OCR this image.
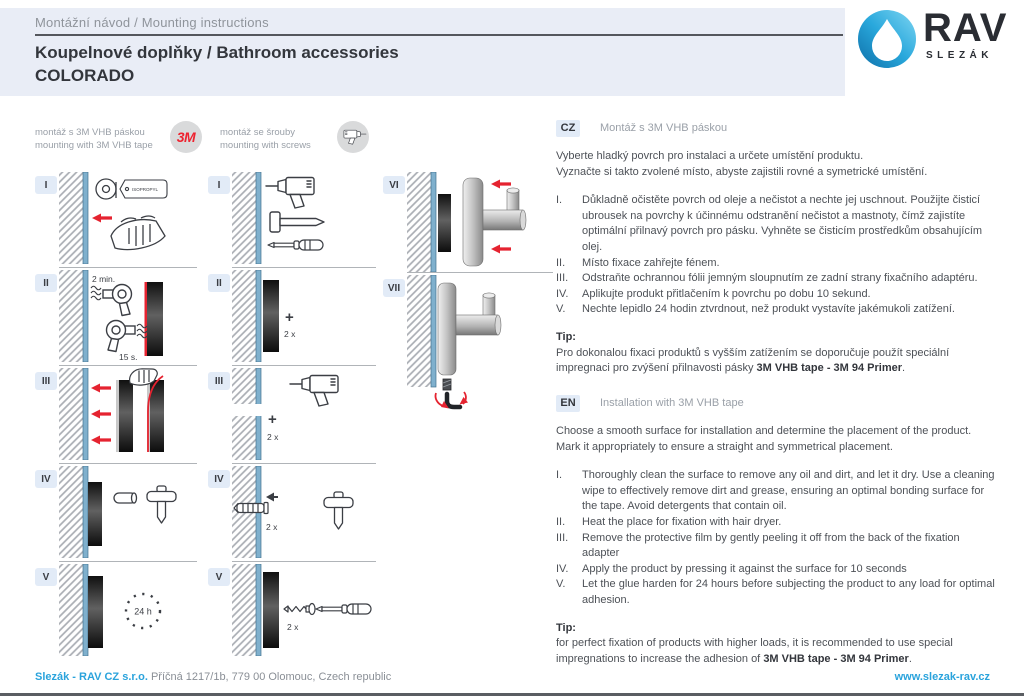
Montážní návod / Mounting instructions
Koupelnové doplňky / Bathroom accessories
COLORADO
RAV
SLEZÁK
montáž s 3M VHB páskou
mounting with 3M VHB tape
3M	montáž se šrouby
mounting with screws
I	ISOPROPYL
II	2 min.
15 s.
III
IV
V
24 h
I
II
+
2 x
III
+
2 x
IV
2 x
V
2 x
VI
VII
CZ	Montáž s 3M VHB páskou
Vyberte hladký povrch pro instalaci a určete umístění produktu.
Vyznačte si takto zvolené místo, abyste zajistili rovné a symetrické umístění.
I.	Důkladně očistěte povrch od oleje a nečistot a nechte jej uschnout. Použijte čisticí ubrousek na povrchy k účinnému odstranění nečistot a mastnoty, čímž zajistíte optimální přilnavý povrch pro pásku. Vyhněte se čisticím prostředkům obsahujícím olej.
II.	Místo fixace zahřejte fénem.
III.	Odstraňte ochrannou fólii jemným sloupnutím ze zadní strany fixačního adaptéru.
IV.	Aplikujte produkt přitlačením k povrchu po dobu 10 sekund.
V.	Nechte lepidlo 24 hodin ztvrdnout, než produkt vystavíte jakémukoli zatížení.
Tip:
Pro dokonalou fixaci produktů s vyšším zatížením se doporučuje použít speciální impregnaci pro zvýšení přilnavosti pásky 3M VHB tape - 3M 94 Primer.
EN	Installation with 3M VHB tape
Choose a smooth surface for installation and determine the placement of the product.
Mark it appropriately to ensure a straight and symmetrical placement.
I.	Thoroughly clean the surface to remove any oil and dirt, and let it dry. Use a cleaning wipe to effectively remove dirt and grease, ensuring an optimal bonding surface for the tape. Avoid detergents that contain oil.
II.	Heat the place for fixation with hair dryer.
III.	Remove the protective film by gently peeling it off from the back of the fixation adapter
IV.	Apply the product by pressing it against the surface for 10 seconds
V.	Let the glue harden for 24 hours before subjecting the product to any load for optimal adhesion.
Tip:
for perfect fixation of products with higher loads, it is recommended to use special impregnations to increase the adhesion of 3M VHB tape - 3M 94 Primer.
Slezák - RAV CZ s.r.o. Příčná 1217/1b, 779 00 Olomouc, Czech republic	www.slezak-rav.cz
